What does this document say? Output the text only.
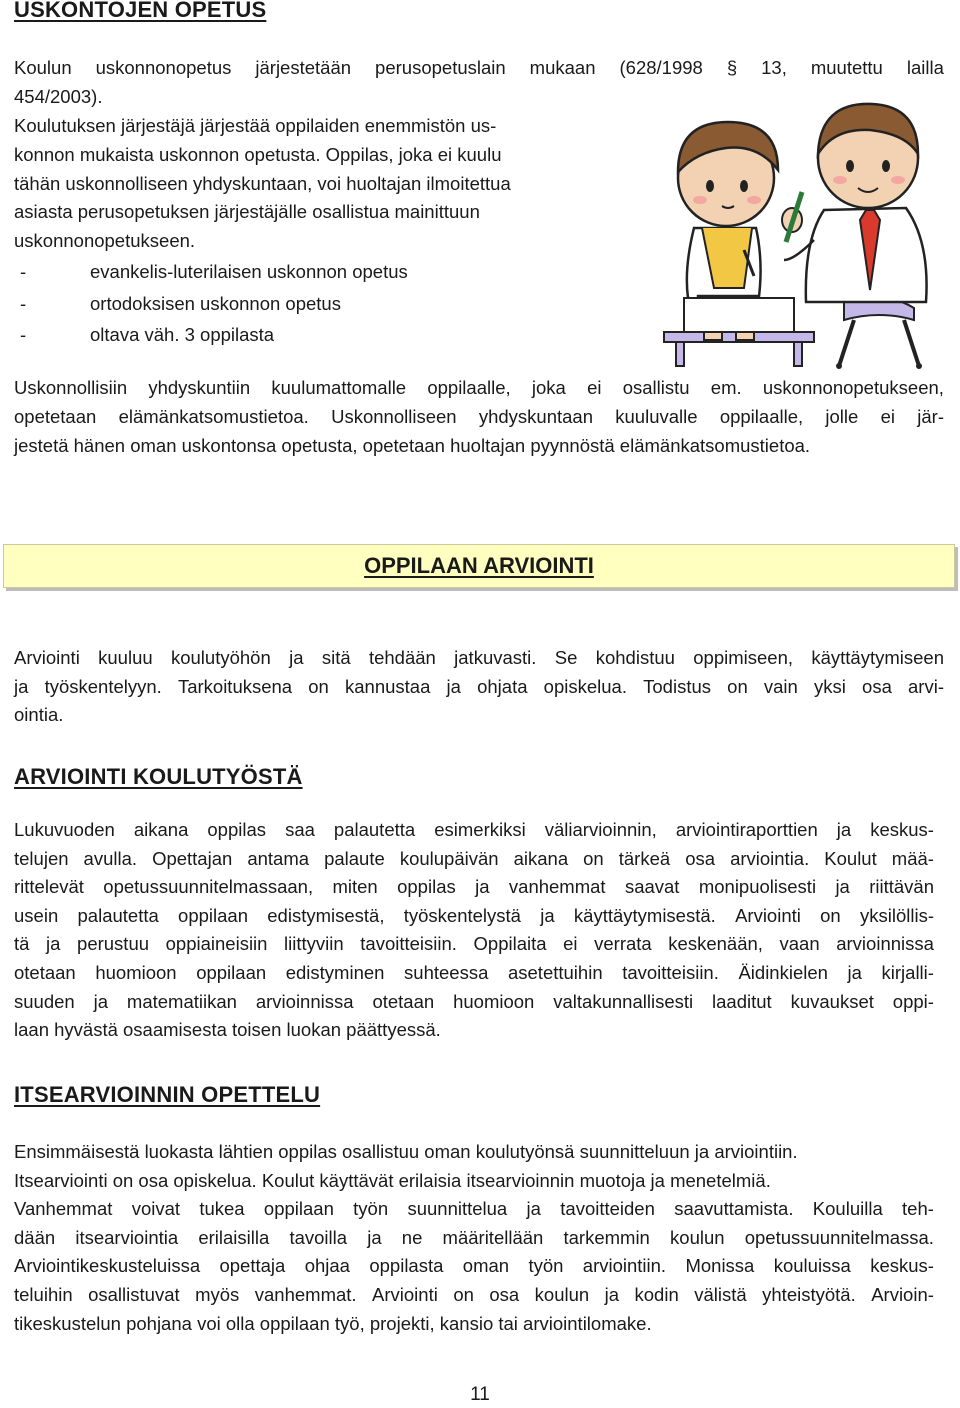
USKONTOJEN OPETUS
Koulun uskonnonopetus järjestetään perusopetuslain mukaan (628/1998 § 13, muutettu lailla
454/2003).
Koulutuksen järjestäjä järjestää oppilaiden enemmistön us-
konnon mukaista uskonnon opetusta. Oppilas, joka ei kuulu
tähän uskonnolliseen yhdyskuntaan, voi huoltajan ilmoitettua
asiasta perusopetuksen järjestäjälle osallistua mainittuun
uskonnonopetukseen.
-	evankelis-luterilaisen uskonnon opetus
-	ortodoksisen uskonnon opetus
-	oltava väh. 3 oppilasta
Uskonnollisiin yhdyskuntiin kuulumattomalle oppilaalle, joka ei osallistu em. uskonnonopetukseen,
opetetaan elämänkatsomustietoa. Uskonnolliseen yhdyskuntaan kuuluvalle oppilaalle, jolle ei jär-
jestetä hänen oman uskontonsa opetusta, opetetaan huoltajan pyynnöstä elämänkatsomustietoa.
OPPILAAN ARVIOINTI
Arviointi kuuluu koulutyöhön ja sitä tehdään jatkuvasti. Se kohdistuu oppimiseen, käyttäytymiseen
ja työskentelyyn. Tarkoituksena on kannustaa ja ohjata opiskelua. Todistus on vain yksi osa arvi-
ointia.
ARVIOINTI KOULUTYÖSTÄ
Lukuvuoden aikana oppilas saa palautetta esimerkiksi väliarvioinnin, arviointiraporttien ja keskus-
telujen avulla. Opettajan antama palaute koulupäivän aikana on tärkeä osa arviointia. Koulut mää-
rittelevät opetussuunnitelmassaan, miten oppilas ja vanhemmat saavat monipuolisesti ja riittävän
usein palautetta oppilaan edistymisestä, työskentelystä ja käyttäytymisestä. Arviointi on yksilöllis-
tä ja perustuu oppiaineisiin liittyviin tavoitteisiin. Oppilaita ei verrata keskenään, vaan arvioinnissa
otetaan huomioon oppilaan edistyminen suhteessa asetettuihin tavoitteisiin. Äidinkielen ja kirjalli-
suuden ja matematiikan arvioinnissa otetaan huomioon valtakunnallisesti laaditut kuvaukset oppi-
laan hyvästä osaamisesta toisen luokan päättyessä.
ITSEARVIOINNIN OPETTELU
Ensimmäisestä luokasta lähtien oppilas osallistuu oman koulutyönsä suunnitteluun ja arviointiin.
Itsearviointi on osa opiskelua. Koulut käyttävät erilaisia itsearvioinnin muotoja ja menetelmiä.
Vanhemmat voivat tukea oppilaan työn suunnittelua ja tavoitteiden saavuttamista. Kouluilla teh-
dään itsearviointia erilaisilla tavoilla ja ne määritellään tarkemmin koulun opetussuunnitelmassa.
Arviointikeskusteluissa opettaja ohjaa oppilasta oman työn arviointiin. Monissa kouluissa keskus-
teluihin osallistuvat myös vanhemmat. Arviointi on osa koulun ja kodin välistä yhteistyötä. Arvioin-
tikeskustelun pohjana voi olla oppilaan työ, projekti, kansio tai arviointilomake.
11
